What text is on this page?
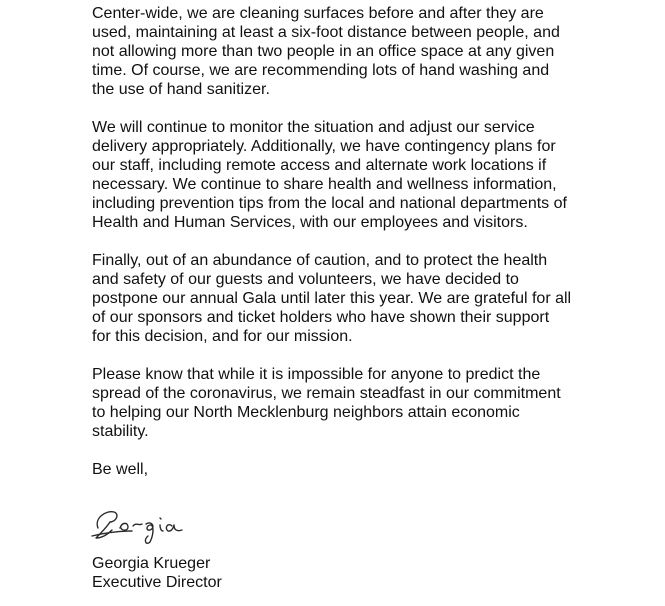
Center-wide, we are cleaning surfaces before and after they are
used, maintaining at least a six-foot distance between people, and
not allowing more than two people in an office space at any given
time. Of course, we are recommending lots of hand washing and
the use of hand sanitizer.
We will continue to monitor the situation and adjust our service
delivery appropriately. Additionally, we have contingency plans for
our staff, including remote access and alternate work locations if
necessary. We continue to share health and wellness information,
including prevention tips from the local and national departments of
Health and Human Services, with our employees and visitors.
Finally, out of an abundance of caution, and to protect the health
and safety of our guests and volunteers, we have decided to
postpone our annual Gala until later this year. We are grateful for all
of our sponsors and ticket holders who have shown their support
for this decision, and for our mission.
Please know that while it is impossible for anyone to predict the
spread of the coronavirus, we remain steadfast in our commitment
to helping our North Mecklenburg neighbors attain economic
stability.
Be well,
Georgia Krueger
Executive Director
